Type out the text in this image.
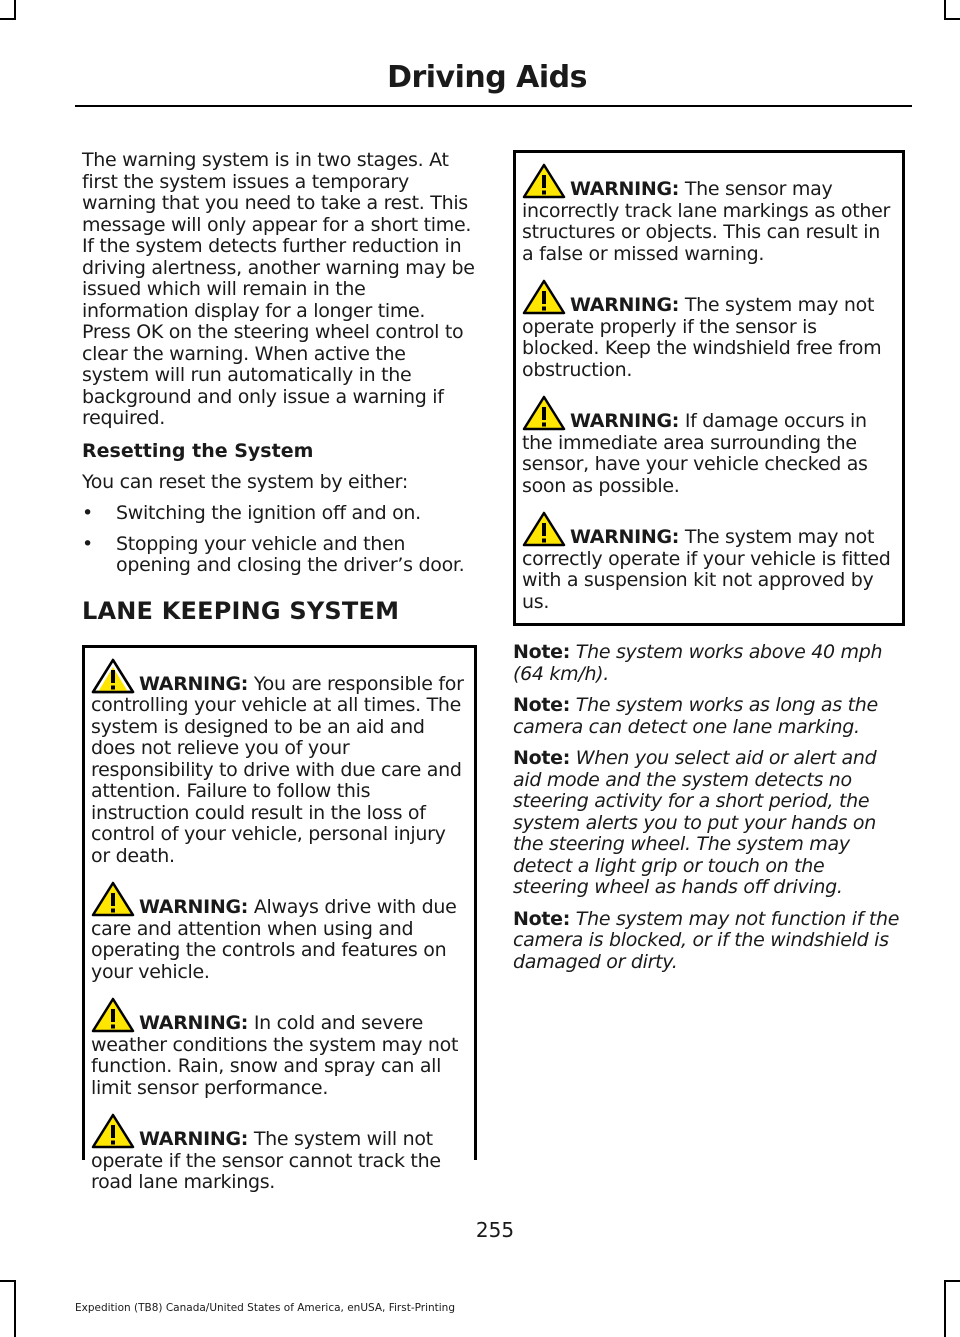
Driving Aids

The warning system is in two stages. At first the system issues a temporary warning that you need to take a rest. This message will only appear for a short time. If the system detects further reduction in driving alertness, another warning may be issued which will remain in the information display for a longer time. Press OK on the steering wheel control to clear the warning. When active the system will run automatically in the background and only issue a warning if required.

Resetting the System

You can reset the system by either:

• Switching the ignition off and on.
• Stopping your vehicle and then opening and closing the driver’s door.
LANE KEEPING SYSTEM

WARNING: You are responsible for controlling your vehicle at all times. The system is designed to be an aid and does not relieve you of your responsibility to drive with due care and attention. Failure to follow this instruction could result in the loss of control of your vehicle, personal injury or death.

WARNING: Always drive with due care and attention when using and operating the controls and features on your vehicle.

WARNING: In cold and severe weather conditions the system may not function. Rain, snow and spray can all limit sensor performance.

WARNING: The system will not operate if the sensor cannot track the road lane markings.

WARNING: The sensor may incorrectly track lane markings as other structures or objects. This can result in a false or missed warning.

WARNING: The system may not operate properly if the sensor is blocked. Keep the windshield free from obstruction.

WARNING: If damage occurs in the immediate area surrounding the sensor, have your vehicle checked as soon as possible.

WARNING: The system may not correctly operate if your vehicle is fitted with a suspension kit not approved by us.

Note: The system works above 40 mph (64 km/h).

Note: The system works as long as the camera can detect one lane marking.

Note: When you select aid or alert and aid mode and the system detects no steering activity for a short period, the system alerts you to put your hands on the steering wheel. The system may detect a light grip or touch on the steering wheel as hands off driving.

Note: The system may not function if the camera is blocked, or if the windshield is damaged or dirty.

255
Expedition (TB8) Canada/United States of America, enUSA, First-Printing
